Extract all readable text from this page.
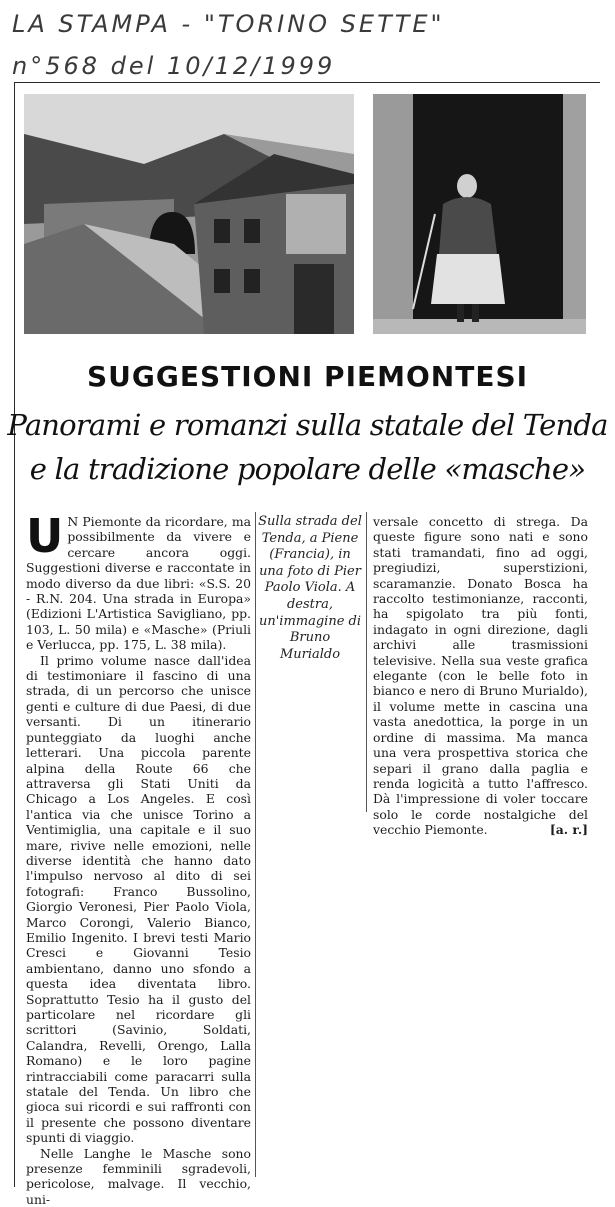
LA STAMPA - "TORINO SETTE"
n°568 del 10/12/1999
SUGGESTIONI PIEMONTESI
Panorami e romanzi sulla statale del Tenda
e la tradizione popolare delle «masche»
U N Piemonte da ricordare, ma possibilmente da vivere e cercare ancora oggi. Suggestioni diverse e raccontate in modo diverso da due libri: «S.S. 20 - R.N. 204. Una strada in Europa» (Edizioni L'Artistica Savigliano, pp. 103, L. 50 mila) e «Masche» (Priuli e Verlucca, pp. 175, L. 38 mila).

Il primo volume nasce dall'idea di testimoniare il fascino di una strada, di un percorso che unisce genti e culture di due Paesi, di due versanti. Di un itinerario punteggiato da luoghi anche letterari. Una piccola parente alpina della Route 66 che attraversa gli Stati Uniti da Chicago a Los Angeles. E così l'antica via che unisce Torino a Ventimiglia, una capitale e il suo mare, rivive nelle emozioni, nelle diverse identità che hanno dato l'impulso nervoso al dito di sei fotografi: Franco Bussolino, Giorgio Veronesi, Pier Paolo Viola, Marco Corongi, Valerio Bianco, Emilio Ingenito. I brevi testi Mario Cresci e Giovanni Tesio ambientano, danno uno sfondo a questa idea diventata libro. Soprattutto Tesio ha il gusto del particolare nel ricordare gli scrittori (Savinio, Soldati, Calandra, Revelli, Orengo, Lalla Romano) e le loro pagine rintracciabili come paracarri sulla statale del Tenda. Un libro che gioca sui ricordi e sui raffronti con il presente che possono diventare spunti di viaggio.

Nelle Langhe le Masche sono presenze femminili sgradevoli, pericolose, malvage. Il vecchio, uni-

Sulla strada del Tenda, a Piene (Francia), in una foto di Pier Paolo Viola. A destra, un'immagine di Bruno Murialdo

versale concetto di strega. Da queste figure sono nati e sono stati tramandati, fino ad oggi, pregiudizi, superstizioni, scaramanzie. Donato Bosca ha raccolto testimonianze, racconti, ha spigolato tra più fonti, indagato in ogni direzione, dagli archivi alle trasmissioni televisive. Nella sua veste grafica elegante (con le belle foto in bianco e nero di Bruno Murialdo), il volume mette in cascina una vasta anedottica, la porge in un ordine di massima. Ma manca una vera prospettiva storica che separi il grano dalla paglia e renda logicità a tutto l'affresco. Dà l'impressione di voler toccare solo le corde nostalgiche del vecchio Piemonte.	[a. r.]
